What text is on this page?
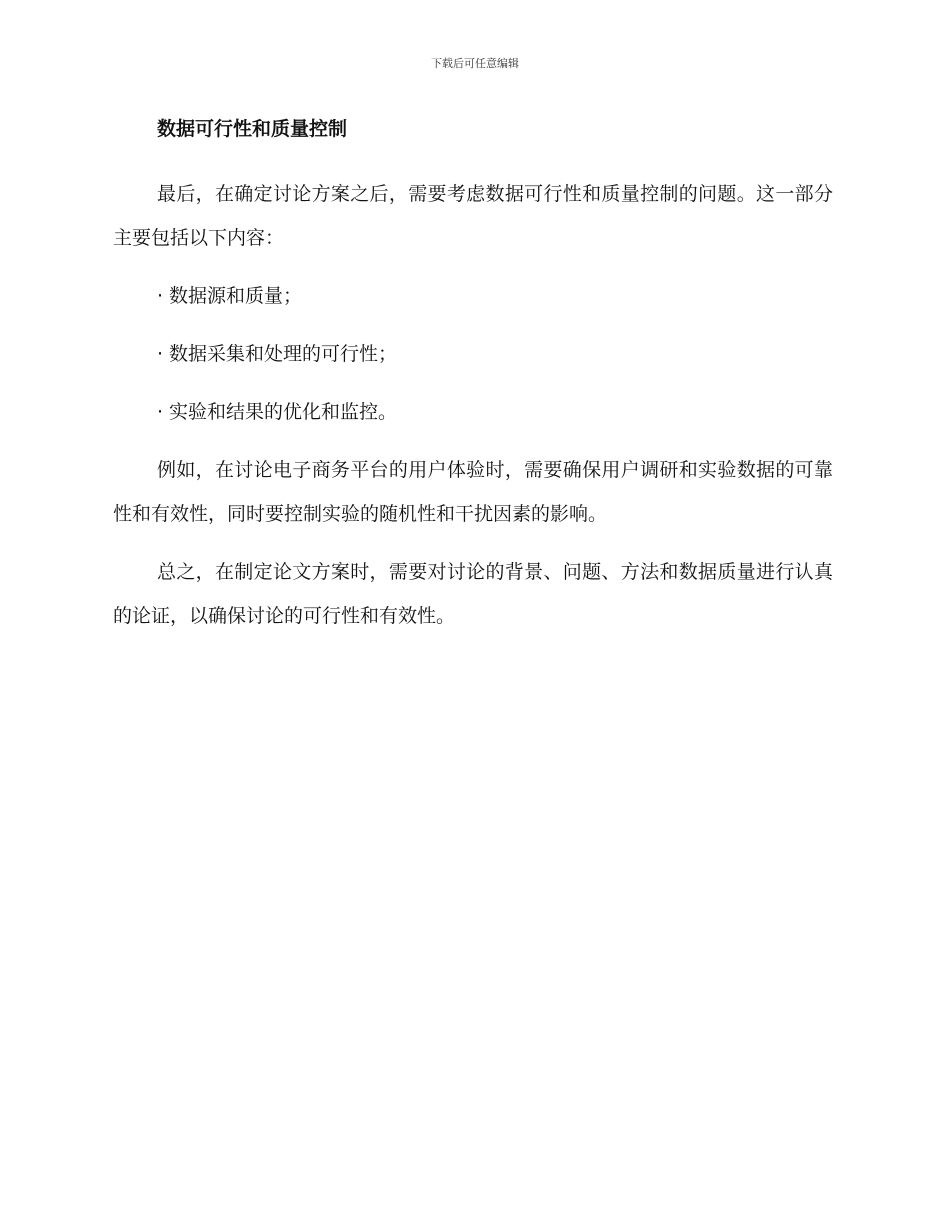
下载后可任意编辑
数据可行性和质量控制

最后，在确定讨论方案之后，需要考虑数据可行性和质量控制的问题。这一部分主要包括以下内容：

· 数据源和质量；
· 数据采集和处理的可行性；
· 实验和结果的优化和监控。

例如，在讨论电子商务平台的用户体验时，需要确保用户调研和实验数据的可靠性和有效性，同时要控制实验的随机性和干扰因素的影响。

总之，在制定论文方案时，需要对讨论的背景、问题、方法和数据质量进行认真的论证，以确保讨论的可行性和有效性。
